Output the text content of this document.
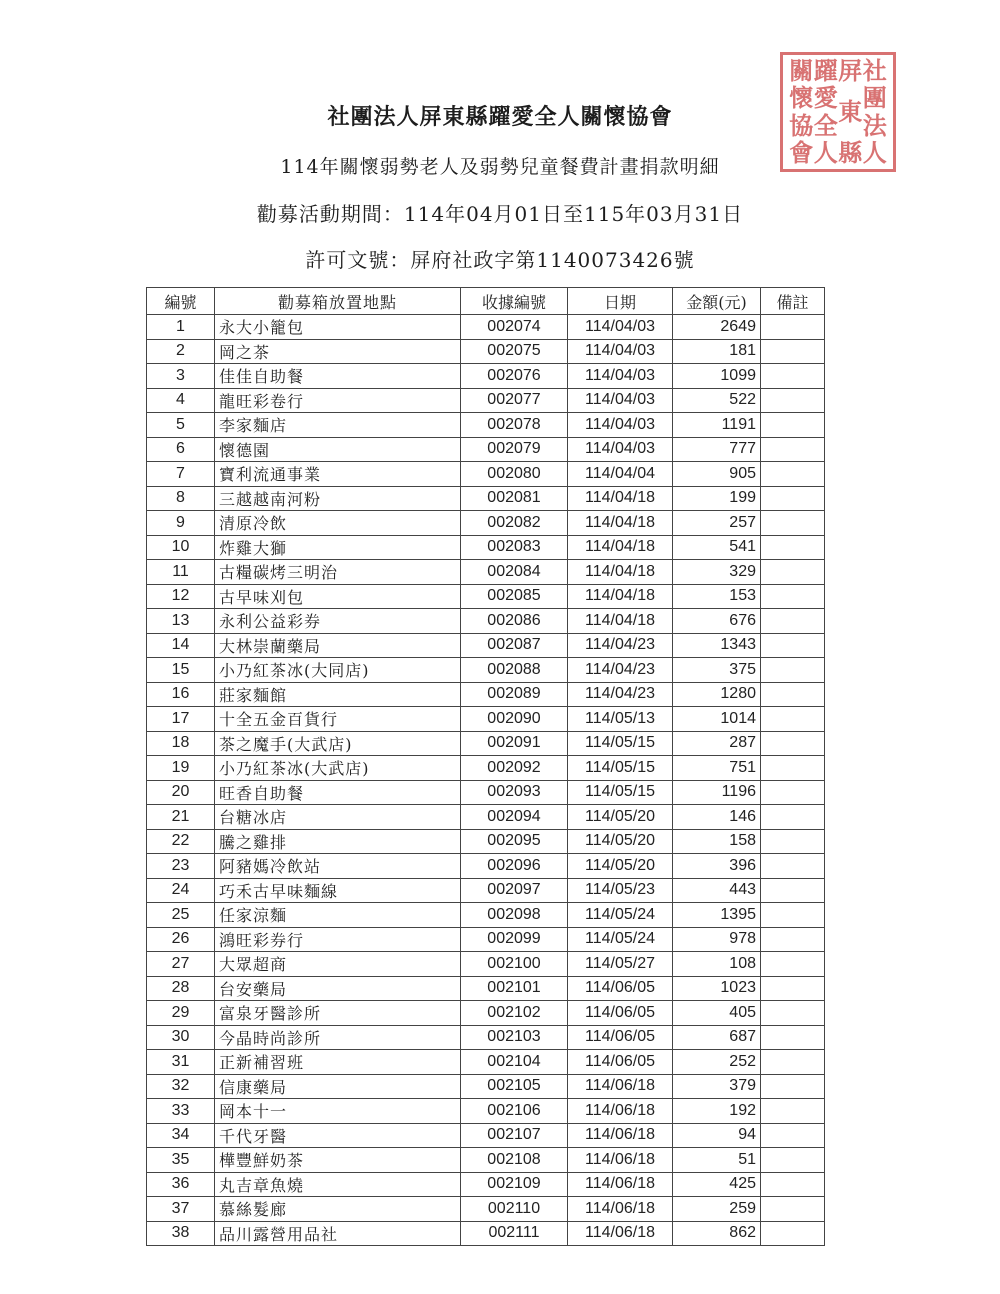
社團法人屏東縣躍愛全人關懷協會
114年關懷弱勢老人及弱勢兒童餐費計畫捐款明細
勸募活動期間：114年04月01日至115年03月31日
許可文號：屏府社政字第1140073426號
社
團
法
人
屏
東
縣
躍
愛
全
人
關
懷
協
會
編號	勸募箱放置地點	收據編號	日期	金額(元)	備註
1	永大小籠包	002074	114/04/03	2649	
2	岡之茶	002075	114/04/03	181	
3	佳佳自助餐	002076	114/04/03	1099	
4	龍旺彩卷行	002077	114/04/03	522	
5	李家麵店	002078	114/04/03	1191	
6	懷德園	002079	114/04/03	777	
7	寶利流通事業	002080	114/04/04	905	
8	三越越南河粉	002081	114/04/18	199	
9	清原冷飲	002082	114/04/18	257	
10	炸雞大獅	002083	114/04/18	541	
11	古糧碳烤三明治	002084	114/04/18	329	
12	古早味刈包	002085	114/04/18	153	
13	永利公益彩券	002086	114/04/18	676	
14	大林崇蘭藥局	002087	114/04/23	1343	
15	小乃紅茶冰(大同店)	002088	114/04/23	375	
16	莊家麵館	002089	114/04/23	1280	
17	十全五金百貨行	002090	114/05/13	1014	
18	茶之魔手(大武店)	002091	114/05/15	287	
19	小乃紅茶冰(大武店)	002092	114/05/15	751	
20	旺香自助餐	002093	114/05/15	1196	
21	台糖冰店	002094	114/05/20	146	
22	騰之雞排	002095	114/05/20	158	
23	阿豬媽冷飲站	002096	114/05/20	396	
24	巧禾古早味麵線	002097	114/05/23	443	
25	任家涼麵	002098	114/05/24	1395	
26	鴻旺彩券行	002099	114/05/24	978	
27	大眾超商	002100	114/05/27	108	
28	台安藥局	002101	114/06/05	1023	
29	富泉牙醫診所	002102	114/06/05	405	
30	今晶時尚診所	002103	114/06/05	687	
31	正新補習班	002104	114/06/05	252	
32	信康藥局	002105	114/06/18	379	
33	岡本十一	002106	114/06/18	192	
34	千代牙醫	002107	114/06/18	94	
35	樺豐鮮奶茶	002108	114/06/18	51	
36	丸吉章魚燒	002109	114/06/18	425	
37	慕絲髮廊	002110	114/06/18	259	
38	品川露營用品社	002111	114/06/18	862	
